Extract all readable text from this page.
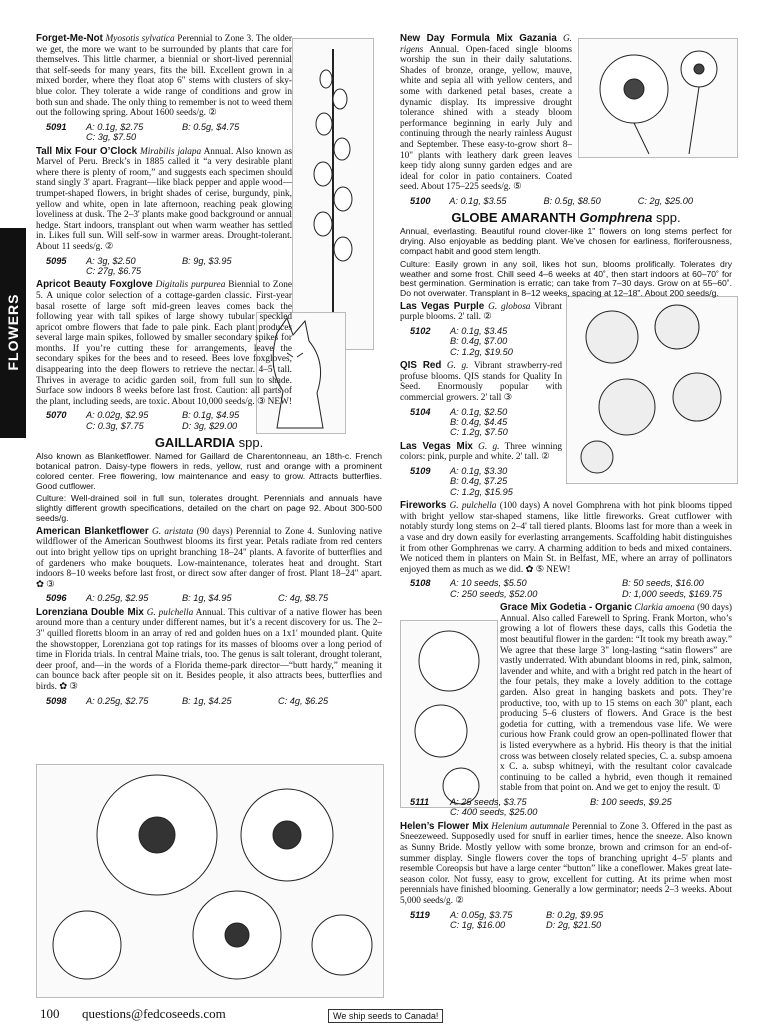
FLOWERS

Forget-Me-Not Myosotis sylvatica Perennial to Zone 3. The older we get, the more we want to be surrounded by plants that care for themselves. This little charmer, a biennial or short-lived perennial that self-seeds for many years, fits the bill. Excellent grown in a mixed border, where they float atop 6" stems with clusters of sky-blue color. They tolerate a wide range of conditions and grow in both sun and shade. The only thing to remember is not to weed them out the following spring. About 1600 seeds/g. ②

5091	A: 0.1g, $2.75	B: 0.5g, $4.75
C: 3g, $7.50

Tall Mix Four O’Clock Mirabilis jalapa Annual. Also known as Marvel of Peru. Breck’s in 1885 called it “a very desirable plant where there is plenty of room,” and suggests each specimen should stand singly 3' apart. Fragrant—like black pepper and apple wood—trumpet-shaped flowers, in bright shades of cerise, burgundy, pink, yellow and white, open in late afternoon, reaching peak glowing loveliness at dusk. The 2–3' plants make good background or annual hedge. Start indoors, transplant out when warm weather has settled in. Likes full sun. Will self-sow in warmer areas. Drought-tolerant. About 11 seeds/g. ②

5095	A: 3g, $2.50	B: 9g, $3.95
C: 27g, $6.75

Apricot Beauty Foxglove Digitalis purpurea Biennial to Zone 5. A unique color selection of a cottage-garden classic. First-year basal rosette of large soft mid-green leaves comes back the following year with tall spikes of large showy tubular speckled apricot ombre flowers that fade to pale pink. Each plant produces several large main spikes, followed by smaller secondary spikes for months. If you’re cutting these for arrangements, leave the secondary spikes for the bees and to reseed. Bees love foxgloves, disappearing into the deep flowers to retrieve the nectar. 4–5' tall. Thrives in average to acidic garden soil, from full sun to shade. Surface sow indoors 8 weeks before last frost. Caution: all parts of the plant, including seeds, are toxic. About 10,000 seeds/g. ③ NEW!

5070	A: 0.02g, $2.95	B: 0.1g, $4.95
C: 0.3g, $7.75	D: 3g, $29.00
GAILLARDIA spp.

Also known as Blanketflower. Named for Gaillard de Charentonneau, an 18th-c. French botanical patron. Daisy-type flowers in reds, yellow, rust and orange with a prominent colored center. Free flowering, low maintenance and easy to grow. Attracts butterflies. Good cutflower.

Culture: Well-drained soil in full sun, tolerates drought. Perennials and annuals have slightly different growth specifications, detailed on the chart on page 92. About 300-500 seeds/g.

American Blanketflower G. aristata (90 days) Perennial to Zone 4. Sunloving native wildflower of the American Southwest blooms its first year. Petals radiate from red centers out into bright yellow tips on upright branching 18–24" plants. A favorite of butterflies and of gardeners who make bouquets. Low-maintenance, tolerates heat and drought. Start indoors 8–10 weeks before last frost, or direct sow after danger of frost. Plant 18–24" apart. ✿ ③

5096	A: 0.25g, $2.95	B: 1g, $4.95	C: 4g, $8.75

Lorenziana Double Mix G. pulchella Annual. This cultivar of a native flower has been around more than a century under different names, but it’s a recent discovery for us. The 2–3" quilled floretts bloom in an array of red and golden hues on a 1x1' mounded plant. Quite the showstopper, Lorenziana got top ratings for its masses of blooms over a long period of time in Florida trials. In central Maine trials, too. The genus is salt tolerant, drought tolerant, deer proof, and—in the words of a Florida theme-park director—“butt hardy,” meaning it can bounce back after people sit on it. Besides people, it also attracts bees, butterflies and birds. ✿ ③

5098	A: 0.25g, $2.75	B: 1g, $4.25	C: 4g, $6.25

New Day Formula Mix Gazania G. rigens Annual. Open-faced single blooms worship the sun in their daily salutations. Shades of bronze, orange, yellow, mauve, white and sepia all with yellow centers, and some with darkened petal bases, create a dynamic display. Its impressive drought tolerance shined with a steady bloom performance beginning in early July and continuing through the nearly rainless August and September. These easy-to-grow short 8–10" plants with leathery dark green leaves keep tidy along sunny garden edges and are ideal for color in patio containers. Coated seed. About 175–225 seeds/g. ⑤

5100	A: 0.1g, $3.55	B: 0.5g, $8.50	C: 2g, $25.00
GLOBE AMARANTH Gomphrena spp.

Annual, everlasting. Beautiful round clover-like 1" flowers on long stems perfect for drying. Also enjoyable as bedding plant. We’ve chosen for earliness, floriferousness, compact habit and good stem length.

Culture: Easily grown in any soil, likes hot sun, blooms prolifically. Tolerates dry weather and some frost. Chill seed 4–6 weeks at 40˚, then start indoors at 60–70˚ for best germination. Germination is erratic; can take from 7–30 days. Grow on at 55–60˚. Do not overwater. Transplant in 8–12 weeks, spacing at 12–18". About 200 seeds/g.

Las Vegas Purple G. globosa Vibrant purple blooms. 2' tall. ②

5102	A: 0.1g, $3.45
B: 0.4g, $7.00
C: 1.2g, $19.50

QIS Red G. g. Vibrant strawberry-red profuse blooms. QIS stands for Quality In Seed. Enormously popular with commercial growers. 2' tall ③

5104	A: 0.1g, $2.50
B: 0.4g, $4.45
C: 1.2g, $7.50

Las Vegas Mix G. g. Three winning colors: pink, purple and white. 2' tall. ②

5109	A: 0.1g, $3.30
B: 0.4g, $7.25
C: 1.2g, $15.95

Fireworks G. pulchella (100 days) A novel Gomphrena with hot pink blooms tipped with bright yellow star-shaped stamens, like little fireworks. Great cutflower with notably sturdy long stems on 2–4' tall tiered plants. Blooms last for more than a week in a vase and dry down easily for everlasting arrangements. Scaffolding habit distinguishes it from other Gomphrenas we carry. A charming addition to beds and mixed containers. We noticed them in planters on Main St. in Belfast, ME, where an array of pollinators enjoyed them as much as we did. ✿ ⑤ NEW!

5108	A: 10 seeds, $5.50	B: 50 seeds, $16.00
C: 250 seeds, $52.00	D: 1,000 seeds, $169.75

Grace Mix Godetia - Organic Clarkia amoena (90 days) Annual. Also called Farewell to Spring. Frank Morton, who’s growing a lot of flowers these days, calls this Godetia the most beautiful flower in the garden: “It took my breath away.” We agree that these large 3" long-lasting “satin flowers” are vastly underrated. With abundant blooms in red, pink, salmon, lavender and white, and with a bright red patch in the heart of the four petals, they make a lovely addition to the cottage garden. Also great in hanging baskets and pots. They’re productive, too, with up to 15 stems on each 30" plant, each producing 5–6 clusters of flowers. And Grace is the best godetia for cutting, with a tremendous vase life. We were curious how Frank could grow an open-pollinated flower that is listed everywhere as a hybrid. His theory is that the initial cross was between closely related species, C. a. subsp amoena x C. a. subsp whitneyi, with the resultant color cavalcade continuing to be called a hybrid, even though it remained stable from that point on. And we get to enjoy the result. ①

5111	A: 25 seeds, $3.75	B: 100 seeds, $9.25
C: 400 seeds, $25.00

Helen’s Flower Mix Helenium autumnale Perennial to Zone 3. Offered in the past as Sneezeweed. Supposedly used for snuff in earlier times, hence the sneeze. Also known as Sunny Bride. Mostly yellow with some bronze, brown and crimson for an end-of-summer display. Single flowers cover the tops of branching upright 4–5' plants and resemble Coreopsis but have a large center “button” like a coneflower. Makes great late-season color. Not fussy, easy to grow, excellent for cutting. At its prime when most perennials have finished blooming. Generally a low germinator; needs 2–3 weeks. About 5,000 seeds/g. ②

5119	A: 0.05g, $3.75	B: 0.2g, $9.95
C: 1g, $16.00	D: 2g, $21.50
100 questions@fedcoseeds.com	We ship seeds to Canada!
